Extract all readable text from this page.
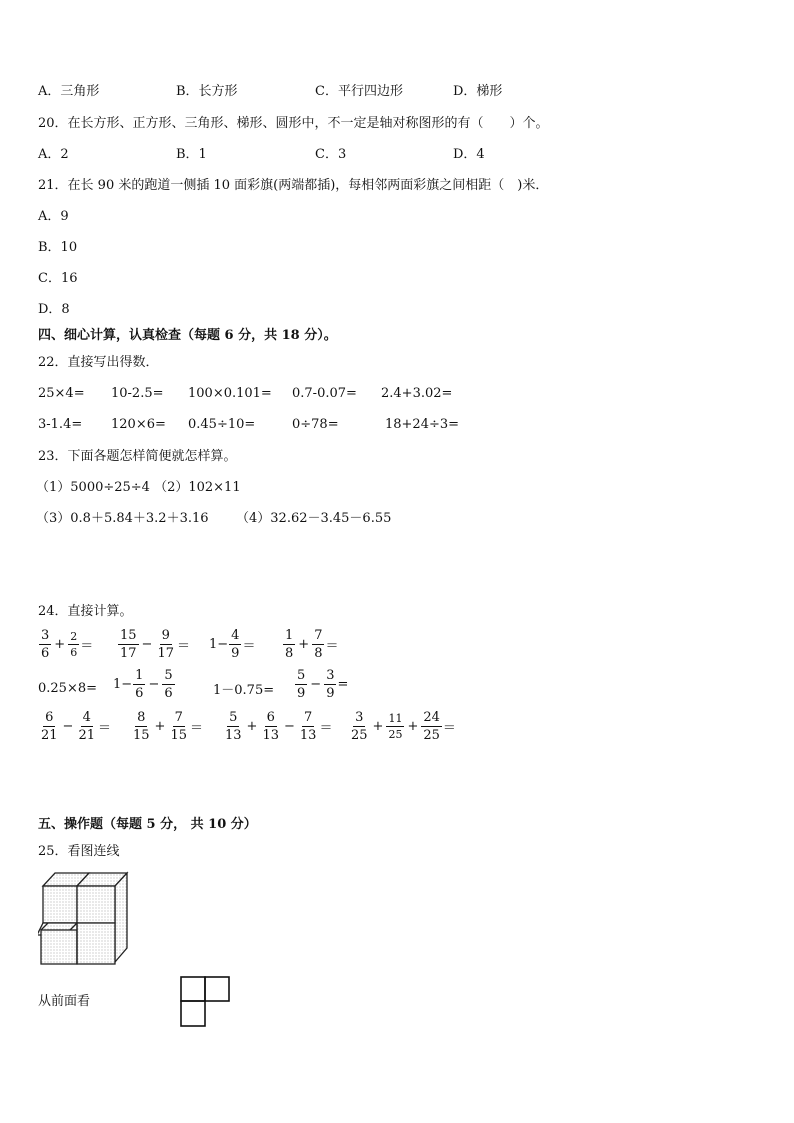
A．三角形	B．长方形	C．平行四边形	D．梯形
20．在长方形、正方形、三角形、梯形、圆形中，不一定是轴对称图形的有（　　）个。
A．2	B．1	C．3	D．4
21．在长 90 米的跑道一侧插 10 面彩旗(两端都插)，每相邻两面彩旗之间相距（　)米．
A．9
B．10
C．16
D．8
四、细心计算，认真检查（每题 6 分，共 18 分）。
22．直接写出得数．
25×4= 10-2.5= 100×0.101= 0.7-0.07= 2.4+3.02=
3-1.4= 120×6= 0.45÷10=	0÷78=	18+24÷3=
23．下面各题怎样简便就怎样算。
（1）5000÷25÷4 （2）102×11
（3）0.8＋5.84＋3.2＋3.16 （4）32.62－3.45－6.55
24．直接计算。
$\frac{3}{6} + \frac{2}{6} = \frac{15}{17} - \frac{9}{17} = 1- \frac{4}{9} = \frac{1}{8} + \frac{7}{8}$ ＝
$0.25\times 8= 1- \frac{1}{6} - \frac{5}{6}$	$1-0.75= \frac{5}{9} - \frac{3}{9}$ =
$\frac{6}{21} - \frac{4}{21} = \frac{8}{15} + \frac{7}{15} = \frac{5}{13} + \frac{6}{13} - \frac{7}{13} = \frac{3}{25} + \frac{11}{25} + \frac{24}{25}$ ＝
五、操作题（每题 5 分， 共 10 分）
25．看图连线
从前面看
